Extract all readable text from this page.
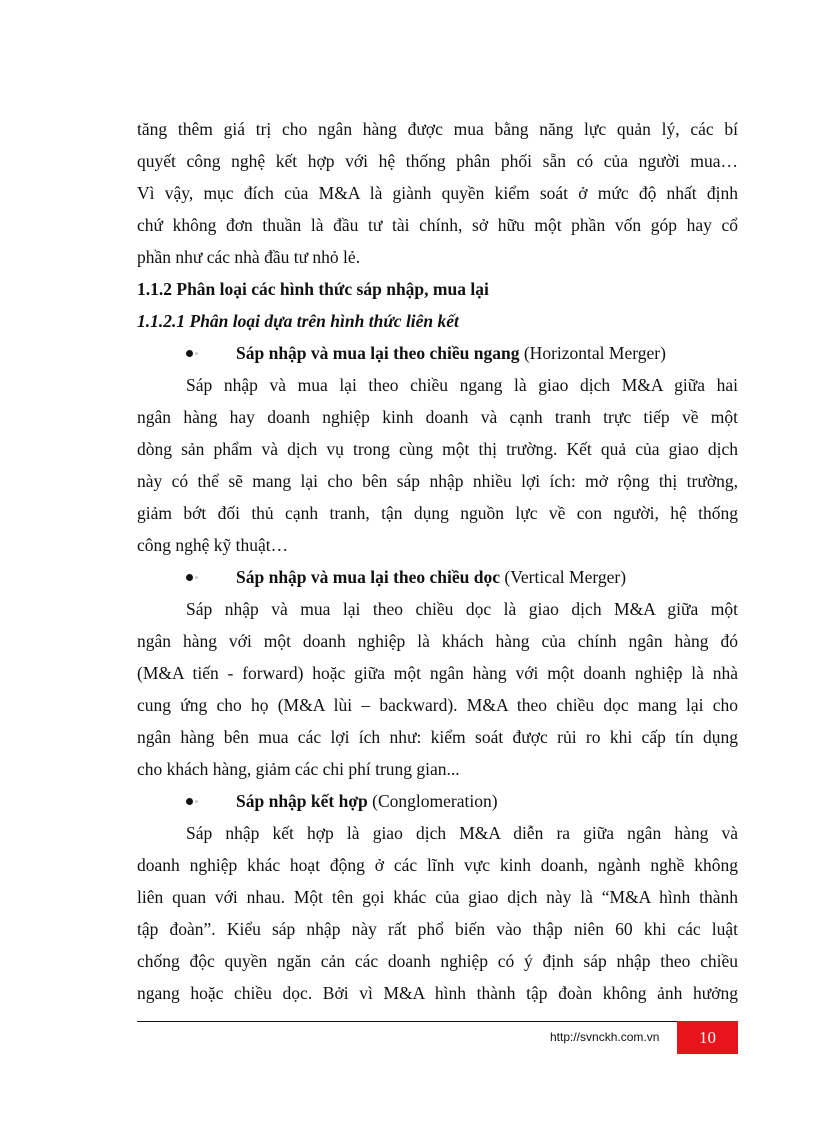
tăng thêm giá trị cho ngân hàng được mua bằng năng lực quản lý, các bí
quyết công nghệ kết hợp với hệ thống phân phối sẵn có của người mua…
Vì vậy, mục đích của M&A là giành quyền kiểm soát ở mức độ nhất định
chứ không đơn thuần là đầu tư tài chính, sở hữu một phần vốn góp hay cổ
phần như các nhà đầu tư nhỏ lẻ.
1.1.2 Phân loại các hình thức sáp nhập, mua lại
1.1.2.1 Phân loại dựa trên hình thức liên kết
Sáp nhập và mua lại theo chiều ngang (Horizontal Merger)
Sáp nhập và mua lại theo chiều ngang là giao dịch M&A giữa hai
ngân hàng hay doanh nghiệp kinh doanh và cạnh tranh trực tiếp về một
dòng sản phẩm và dịch vụ trong cùng một thị trường. Kết quả của giao dịch
này có thể sẽ mang lại cho bên sáp nhập nhiều lợi ích: mở rộng thị trường,
giảm bớt đối thủ cạnh tranh, tận dụng nguồn lực về con người, hệ thống
công nghệ kỹ thuật…
Sáp nhập và mua lại theo chiều dọc (Vertical Merger)
Sáp nhập và mua lại theo chiều dọc là giao dịch M&A giữa một
ngân hàng với một doanh nghiệp là khách hàng của chính ngân hàng đó
(M&A tiến - forward) hoặc giữa một ngân hàng với một doanh nghiệp là nhà
cung ứng cho họ (M&A lùi – backward). M&A theo chiều dọc mang lại cho
ngân hàng bên mua các lợi ích như: kiểm soát được rủi ro khi cấp tín dụng
cho khách hàng, giảm các chi phí trung gian...
Sáp nhập kết hợp (Conglomeration)
Sáp nhập kết hợp là giao dịch M&A diễn ra giữa ngân hàng và
doanh nghiệp khác hoạt động ở các lĩnh vực kinh doanh, ngành nghề không
liên quan với nhau. Một tên gọi khác của giao dịch này là “M&A hình thành
tập đoàn”. Kiểu sáp nhập này rất phổ biến vào thập niên 60 khi các luật
chống độc quyền ngăn cản các doanh nghiệp có ý định sáp nhập theo chiều
ngang hoặc chiều dọc. Bởi vì M&A hình thành tập đoàn không ảnh hưởng
http://svnckh.com.vn	10
